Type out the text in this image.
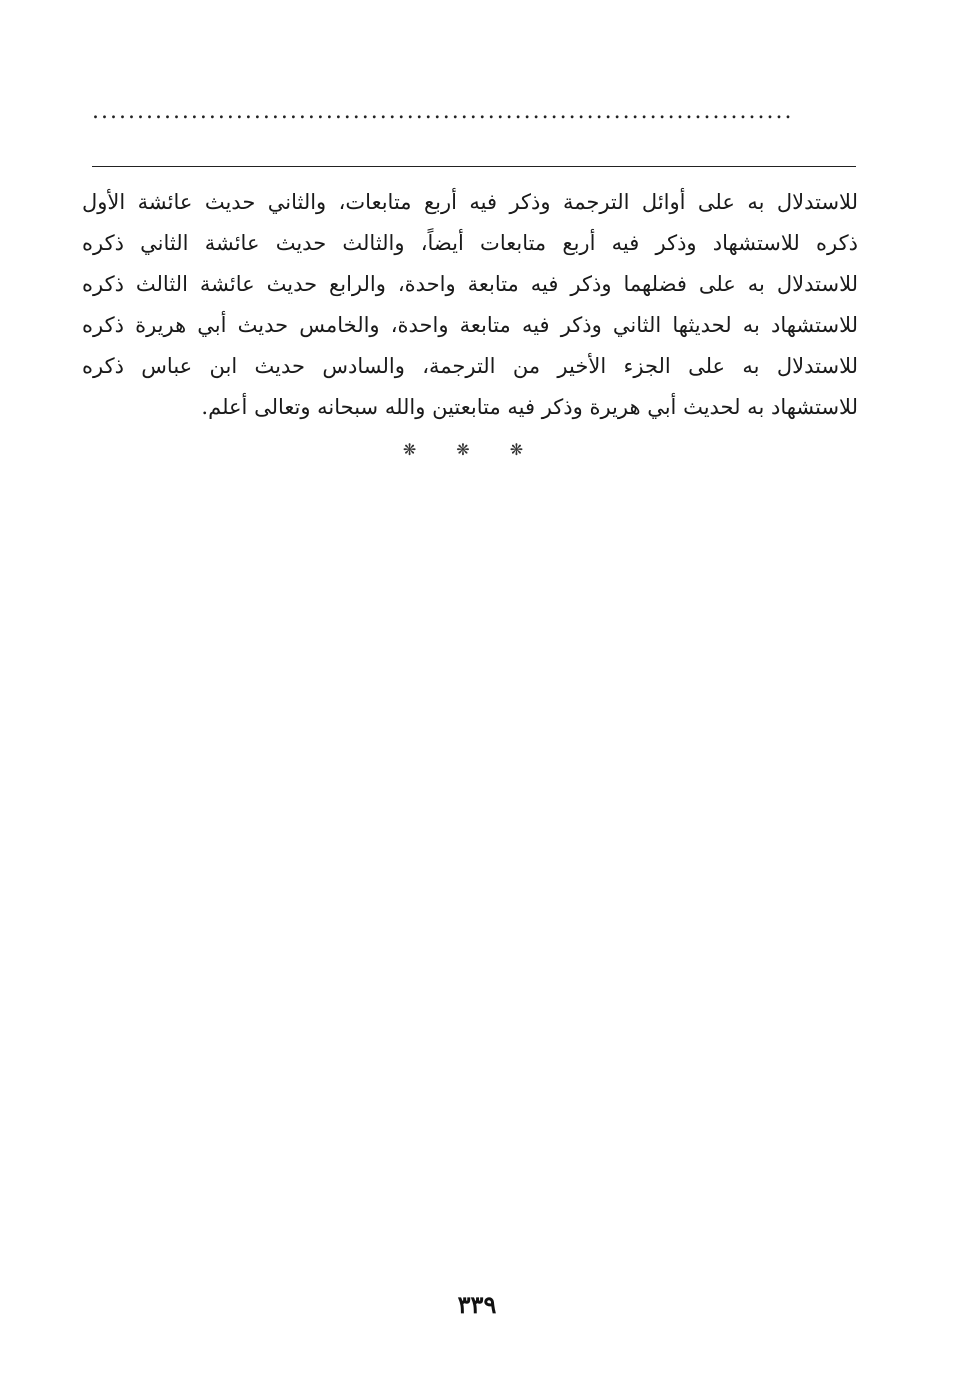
..............................................................................
للاستدلال به على أوائل الترجمة وذكر فيه أربع متابعات، والثاني حديث عائشة الأول
ذكره للاستشهاد وذكر فيه أربع متابعات أيضاً، والثالث حديث عائشة الثاني ذكره
للاستدلال به على فضلهما وذكر فيه متابعة واحدة، والرابع حديث عائشة الثالث ذكره
للاستشهاد به لحديثها الثاني وذكر فيه متابعة واحدة، والخامس حديث أبي هريرة ذكره
للاستدلال به على الجزء الأخير من الترجمة، والسادس حديث ابن عباس ذكره
للاستشهاد به لحديث أبي هريرة وذكر فيه متابعتين والله سبحانه وتعالى أعلم.
❋ ❋ ❋
٣٣٩
